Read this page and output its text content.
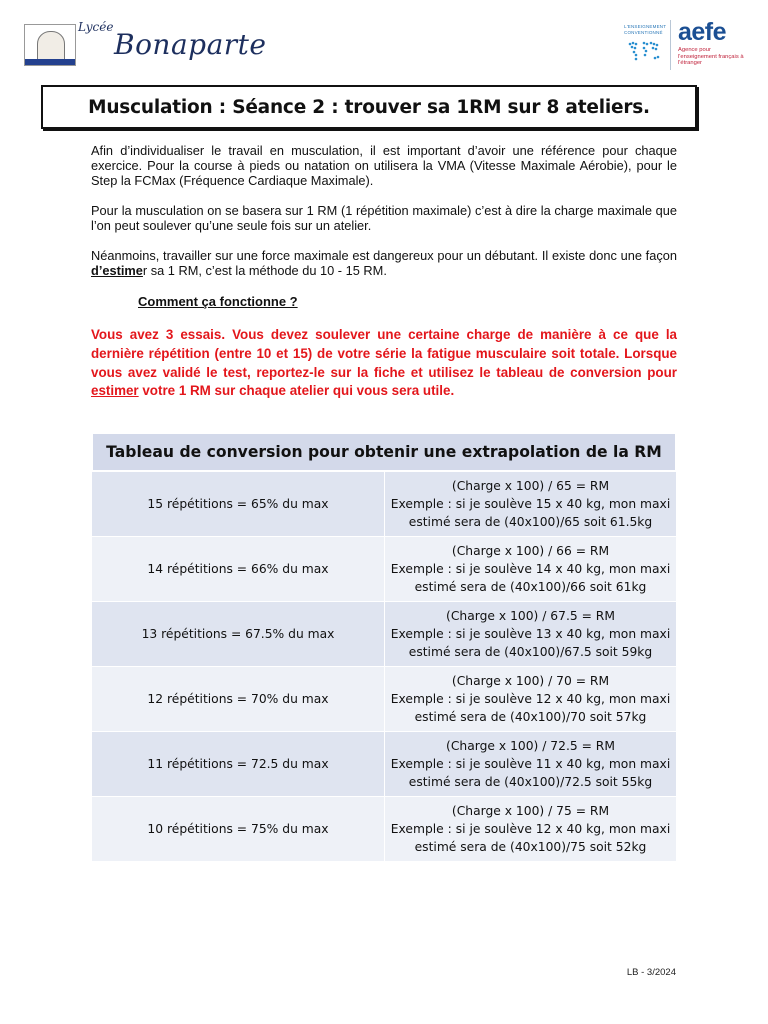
Lycée
Bonaparte
L'ENSEIGNEMENT CONVENTIONNÉ aefe
Agence pour l'enseignement français à l'étranger
Musculation : Séance 2 : trouver sa 1RM sur 8 ateliers.
Afin d’individualiser le travail en musculation, il est important d’avoir une référence pour chaque exercice. Pour la course à pieds ou natation on utilisera la VMA (Vitesse Maximale Aérobie), pour le Step la FCMax (Fréquence Cardiaque Maximale).
Pour la musculation on se basera sur 1 RM (1 répétition maximale) c’est à dire la charge maximale que l’on peut soulever qu’une seule fois sur un atelier.
Néanmoins, travailler sur une force maximale est dangereux pour un débutant. Il existe donc une façon d’estimer sa 1 RM, c’est la méthode du 10 - 15 RM.
Comment ça fonctionne ?
Vous avez 3 essais. Vous devez soulever une certaine charge de manière à ce que la dernière répétition (entre 10 et 15) de votre série la fatigue musculaire soit totale. Lorsque vous avez validé le test, reportez-le sur la fiche et utilisez le tableau de conversion pour estimer votre 1 RM sur chaque atelier qui vous sera utile.
Tableau de conversion pour obtenir une extrapolation de la RM
15 répétitions = 65% du max
(Charge x 100) / 65 = RM
Exemple : si je soulève 15 x 40 kg, mon maxi
estimé sera de (40x100)/65 soit 61.5kg
14 répétitions = 66% du max
(Charge x 100) / 66 = RM
Exemple : si je soulève 14 x 40 kg, mon maxi
estimé sera de (40x100)/66 soit 61kg
13 répétitions = 67.5% du max
(Charge x 100) / 67.5 = RM
Exemple : si je soulève 13 x 40 kg, mon maxi
estimé sera de (40x100)/67.5 soit 59kg
12 répétitions = 70% du max
(Charge x 100) / 70 = RM
Exemple : si je soulève 12 x 40 kg, mon maxi
estimé sera de (40x100)/70 soit 57kg
11 répétitions = 72.5 du max
(Charge x 100) / 72.5 = RM
Exemple : si je soulève 11 x 40 kg, mon maxi
estimé sera de (40x100)/72.5 soit 55kg
10 répétitions = 75% du max
(Charge x 100) / 75 = RM
Exemple : si je soulève 12 x 40 kg, mon maxi
estimé sera de (40x100)/75 soit 52kg
LB - 3/2024
